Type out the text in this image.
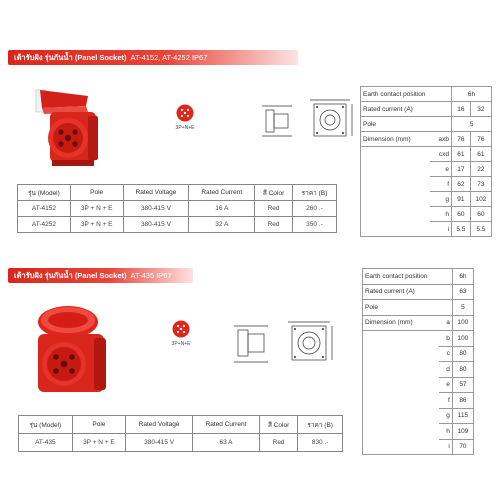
เต้ารับฝัง รุ่นกันน้ำ (Panel Socket) AT-4152, AT-4252 IP67
3P+N+E
รุ่น (Model)	Pole	Rated Voltage	Rated Current	สี Color	ราคา (B)
AT-4152	3P + N + E	380-415 V	16 A	Red	260 .-
AT-4252	3P + N + E	380-415 V	32 A	Red	350 .-
Earth contact position		6h	
Rated current (A)		16	32
Pole		5	
Dimension (mm)	axb	76	76
	cxd	61	61
	e	17	22
	f	62	73
	g	91	102
	h	60	60
	i	5.5	5.5
เต้ารับฝัง รุ่นกันน้ำ (Panel Socket) AT-435 IP67
3P+N+E
รุ่น (Model)	Pole	Rated Voltage	Rated Current	สี Color	ราคา (B)
AT-435	3P + N + E	380-415 V	63 A	Red	830 .-
Earth contact position		6h
Rated current (A)		63
Pole		5
Dimension (mm)	a	100
	b	100
	c	80
	d	80
	e	57
	f	86
	g	115
	h	109
	i	70
